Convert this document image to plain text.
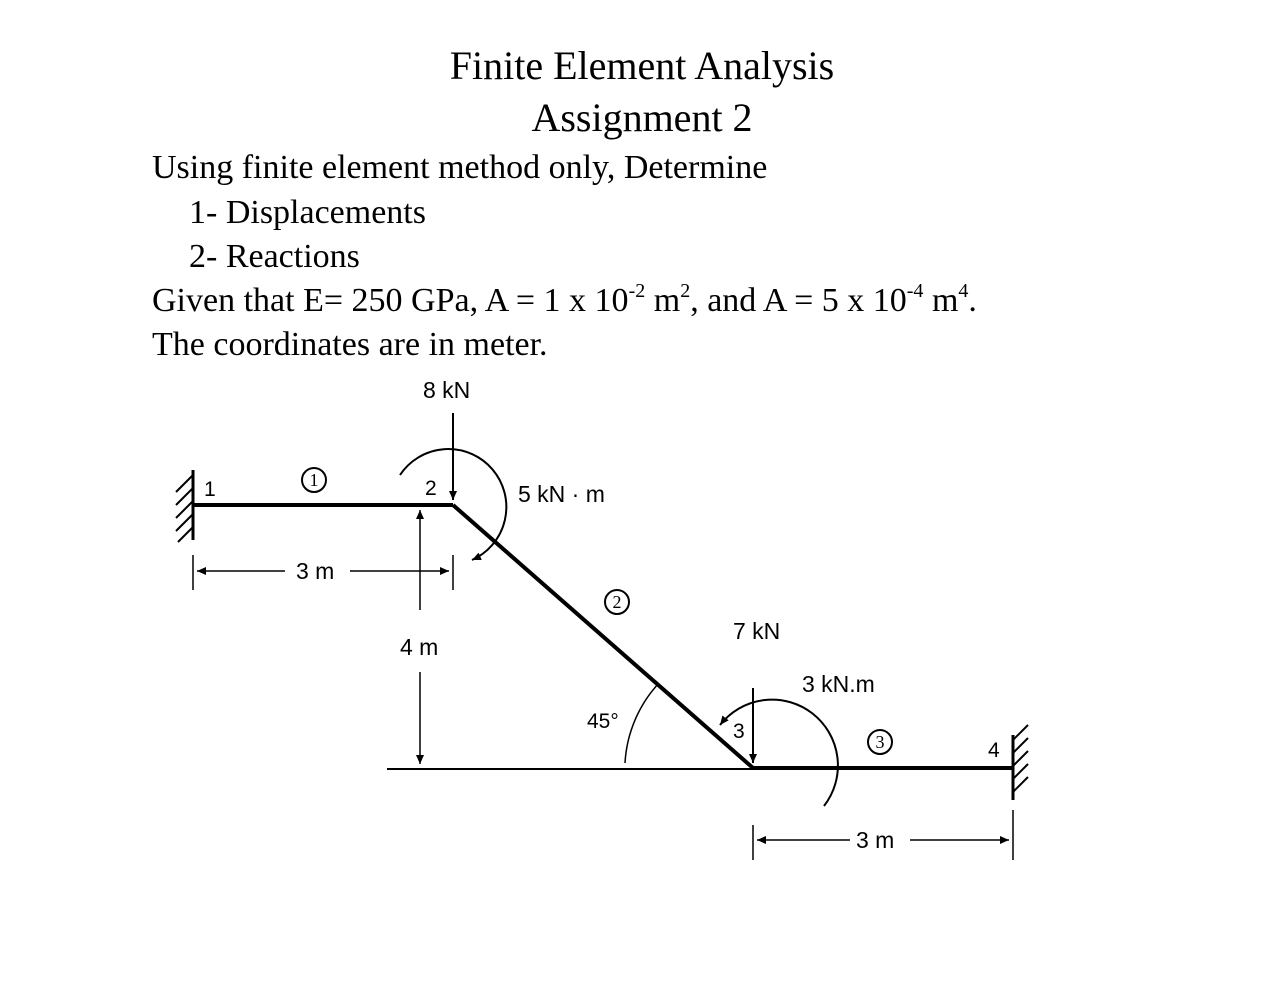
Finite Element Analysis
Assignment 2
Using finite element method only, Determine
1- Displacements
2- Reactions
Given that E= 250 GPa, A = 1 x $10^{-2}$ $m^2$, and A = 5 x $10^{-4}$ $m^4$.
The coordinates are in meter.
1	2
3
4
1
2
3
8 kN
5 kN · m
7 kN
3 kN.m
3 m
4 m
45°
3 m
